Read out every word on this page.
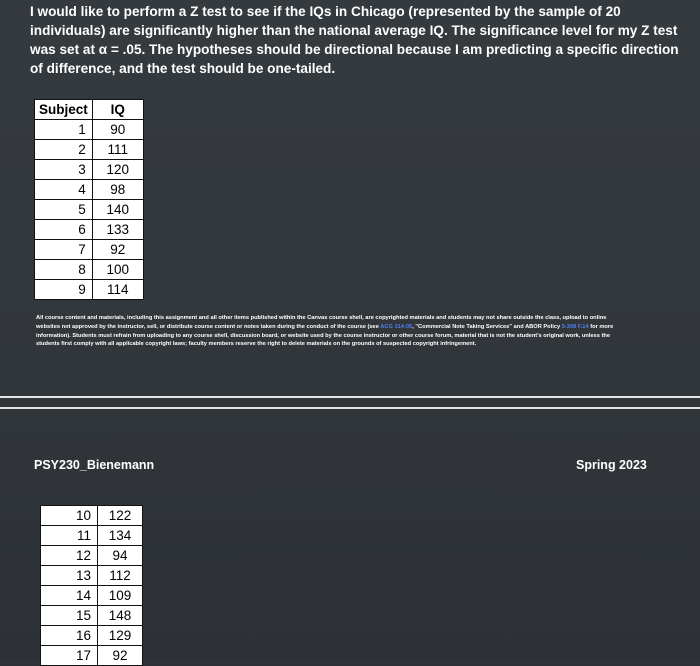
I would like to perform a Z test to see if the IQs in Chicago (represented by the sample of 20 individuals) are significantly higher than the national average IQ. The significance level for my Z test was set at α = .05. The hypotheses should be directional because I am predicting a specific direction of difference, and the test should be one-tailed.

Subject	IQ
1	90
2	111
3	120
4	98
5	140
6	133
7	92
8	100
9	114

All course content and materials, including this assignment and all other items published within the Canvas course shell, are copyrighted materials and students may not share outside the class, upload to online websites not approved by the instructor, sell, or distribute course content or notes taken during the conduct of the course (see ACG 314-05, "Commercial Note Taking Services" and ABOR Policy 5-308 F.14 for more information). Students must refrain from uploading to any course shell, discussion board, or website used by the course instructor or other course forum, material that is not the student's original work, unless the students first comply with all applicable copyright laws; faculty members reserve the right to delete materials on the grounds of suspected copyright infringement.

PSY230_Bienemann	Spring 2023
10	122
11	134
12	94
13	112
14	109
15	148
16	129
17	92
